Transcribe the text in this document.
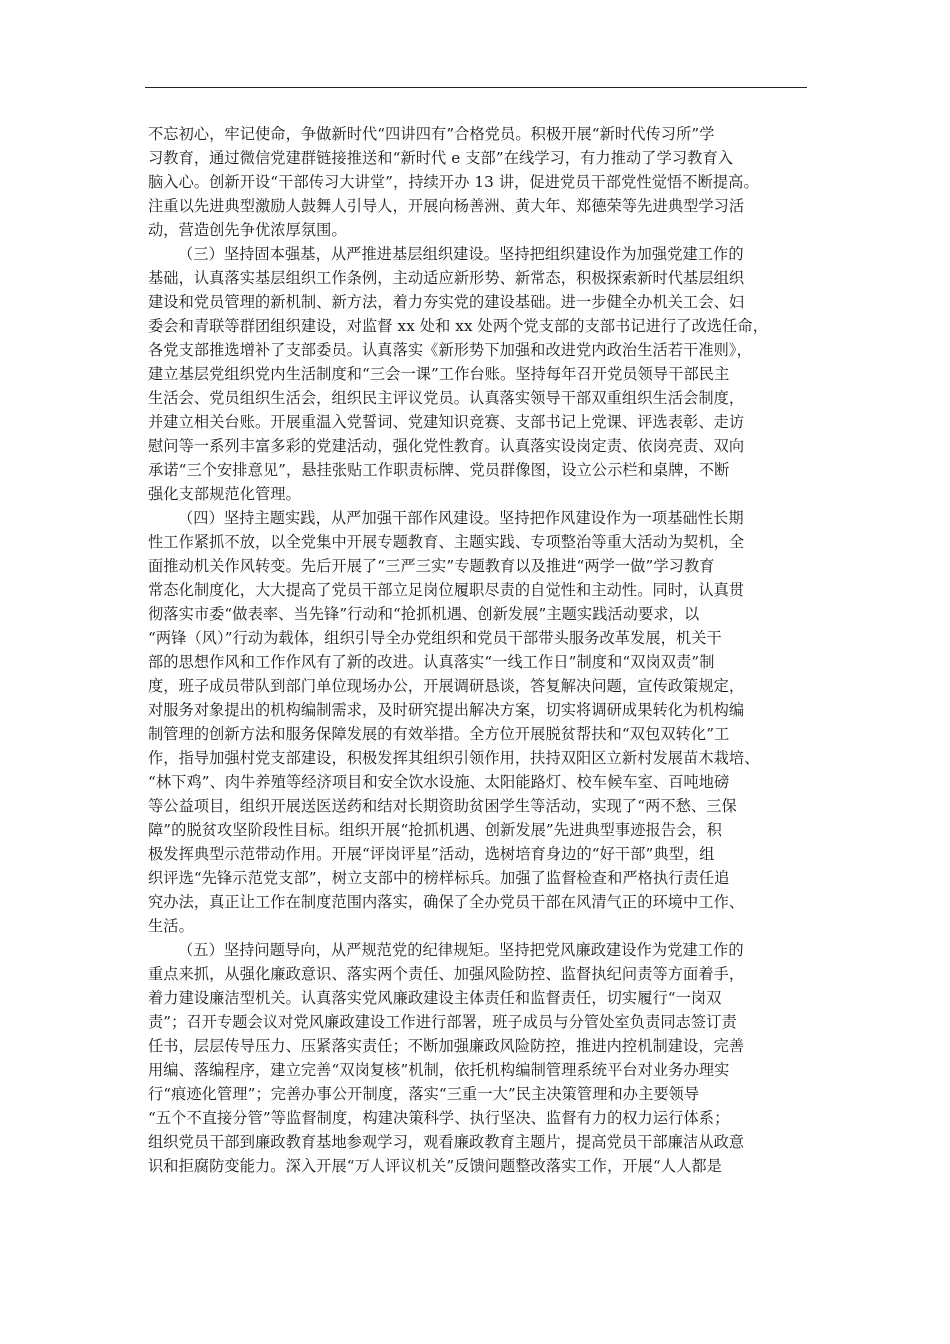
不忘初心，牢记使命，争做新时代“四讲四有”合格党员。积极开展“新时代传习所”学
习教育，通过微信党建群链接推送和“新时代 e 支部”在线学习，有力推动了学习教育入
脑入心。创新开设“干部传习大讲堂”，持续开办 13 讲，促进党员干部党性觉悟不断提高。
注重以先进典型激励人鼓舞人引导人，开展向杨善洲、黄大年、郑德荣等先进典型学习活
动，营造创先争优浓厚氛围。
（三）坚持固本强基，从严推进基层组织建设。坚持把组织建设作为加强党建工作的
基础，认真落实基层组织工作条例，主动适应新形势、新常态，积极探索新时代基层组织
建设和党员管理的新机制、新方法，着力夯实党的建设基础。进一步健全办机关工会、妇
委会和青联等群团组织建设，对监督 xx 处和 xx 处两个党支部的支部书记进行了改选任命，
各党支部推选增补了支部委员。认真落实《新形势下加强和改进党内政治生活若干准则》，
建立基层党组织党内生活制度和“三会一课”工作台账。坚持每年召开党员领导干部民主
生活会、党员组织生活会，组织民主评议党员。认真落实领导干部双重组织生活会制度，
并建立相关台账。开展重温入党誓词、党建知识竞赛、支部书记上党课、评选表彰、走访
慰问等一系列丰富多彩的党建活动，强化党性教育。认真落实设岗定责、依岗亮责、双向
承诺“三个安排意见”，悬挂张贴工作职责标牌、党员群像图，设立公示栏和桌牌，不断
强化支部规范化管理。
（四）坚持主题实践，从严加强干部作风建设。坚持把作风建设作为一项基础性长期
性工作紧抓不放，以全党集中开展专题教育、主题实践、专项整治等重大活动为契机，全
面推动机关作风转变。先后开展了“三严三实”专题教育以及推进“两学一做”学习教育
常态化制度化，大大提高了党员干部立足岗位履职尽责的自觉性和主动性。同时，认真贯
彻落实市委“做表率、当先锋”行动和“抢抓机遇、创新发展”主题实践活动要求，以
“两锋（风）”行动为载体，组织引导全办党组织和党员干部带头服务改革发展，机关干
部的思想作风和工作作风有了新的改进。认真落实“一线工作日”制度和“双岗双责”制
度，班子成员带队到部门单位现场办公，开展调研恳谈，答复解决问题，宣传政策规定，
对服务对象提出的机构编制需求，及时研究提出解决方案，切实将调研成果转化为机构编
制管理的创新方法和服务保障发展的有效举措。全方位开展脱贫帮扶和“双包双转化”工
作，指导加强村党支部建设，积极发挥其组织引领作用，扶持双阳区立新村发展苗木栽培、
“林下鸡”、肉牛养殖等经济项目和安全饮水设施、太阳能路灯、校车候车室、百吨地磅
等公益项目，组织开展送医送药和结对长期资助贫困学生等活动，实现了“两不愁、三保
障”的脱贫攻坚阶段性目标。组织开展“抢抓机遇、创新发展”先进典型事迹报告会，积
极发挥典型示范带动作用。开展“评岗评星”活动，选树培育身边的“好干部”典型，组
织评选“先锋示范党支部”，树立支部中的榜样标兵。加强了监督检查和严格执行责任追
究办法，真正让工作在制度范围内落实，确保了全办党员干部在风清气正的环境中工作、
生活。
（五）坚持问题导向，从严规范党的纪律规矩。坚持把党风廉政建设作为党建工作的
重点来抓，从强化廉政意识、落实两个责任、加强风险防控、监督执纪问责等方面着手，
着力建设廉洁型机关。认真落实党风廉政建设主体责任和监督责任，切实履行“一岗双
责”；召开专题会议对党风廉政建设工作进行部署，班子成员与分管处室负责同志签订责
任书，层层传导压力、压紧落实责任；不断加强廉政风险防控，推进内控机制建设，完善
用编、落编程序，建立完善“双岗复核”机制，依托机构编制管理系统平台对业务办理实
行“痕迹化管理”；完善办事公开制度，落实“三重一大”民主决策管理和办主要领导
“五个不直接分管”等监督制度，构建决策科学、执行坚决、监督有力的权力运行体系；
组织党员干部到廉政教育基地参观学习，观看廉政教育主题片，提高党员干部廉洁从政意
识和拒腐防变能力。深入开展“万人评议机关”反馈问题整改落实工作，开展“人人都是
